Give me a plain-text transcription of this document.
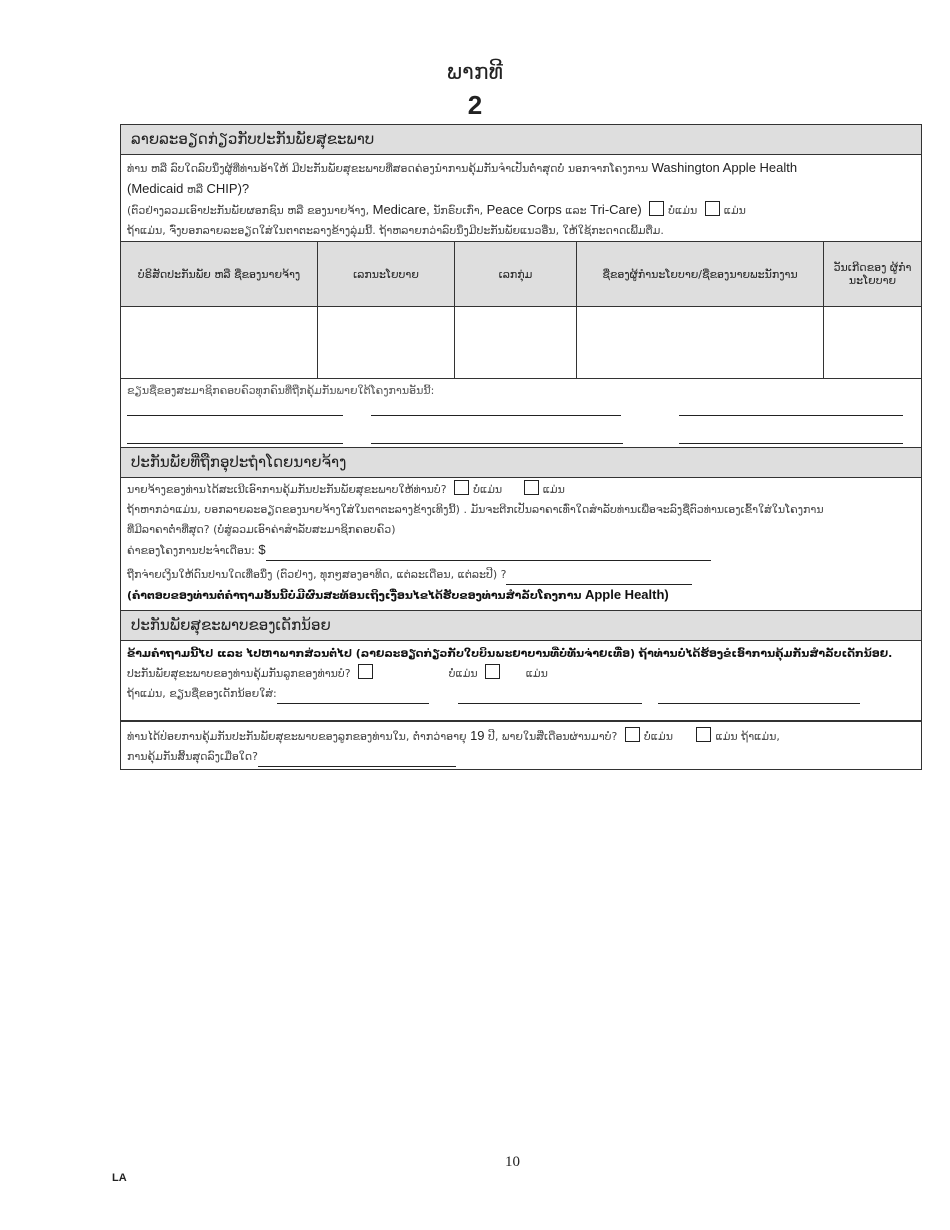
ພາກທີ
2
ລາຍລະອຽດກ່ຽວກັບປະກັນພັຍສຸຂະພາບ
ທ່ານ ຫລື ລົບໃດລົບນຶ່ງຜູ້ທີ່ທ່ານອ້າໃຫ້ ມີປະກັນພັຍສຸຂະພາບທີ່ສອດຄ່ອງນຳການຄຸ້ມກັນຈຳເປັນຕ່ຳສຸດບໍ່ ນອກຈາກໂຄງການ Washington Apple Health
(Medicaid ຫລື CHIP)?
(ຕົວຢ່າງລວມເອົາປະກັນພັຍຜອກຊົນ ຫລື ຂອງນາຍຈ້າງ, Medicare, ນັກຣົບເກົ່າ, Peace Corps ແລະ Tri-Care) ບໍ່ແມ່ນ ແມ່ນ
ຖ້າແມ່ນ, ຈົ່ງບອກລາຍລະອຽດໃສ່ໃນຕາຕະລາງຂ້າງລຸ່ມນີ້. ຖ້າຫລາຍກວ່າລົບນຶ່ງມີປະກັນພັຍແນວອື່ນ, ໃຫ້ໃຊ້ກະດາດເພີ້ມຕື່ມ.
ບໍຣິສັດປະກັນພັຍ ຫລື ຊື່ຂອງນາຍຈ້າງ	ເລກນະໂຍບາຍ	ເລກກຸ່ມ	ຊື່ຂອງຜູ້ກຳນະໂຍບາຍ/ຊື່ຂອງນາຍພະນັກງານ	ວັນເກີດຂອງ ຜູ້ກຳນະໂຍບາຍ

ຂຽນຊື່ຂອງສະມາຊິກຄອບຄົວທຸກຄົນທີ່ຖືກຄຸ້ມກັນພາຍໃຕ້ໂຄງການອັນນີ້:
ປະກັນພັຍທີ່ຖືກອຸປະຖຳໂດຍນາຍຈ້າງ
ນາຍຈ້າງຂອງທ່ານໄດ້ສະເນີເອົາການຄຸ້ມກັນປະກັນພັຍສຸຂະພາບໃຫ້ທ່ານບໍ? ບໍ່ແມ່ນ	ແມ່ນ
ຖ້າຫາກວ່າແມ່ນ, ບອກລາຍລະອຽດຂອງນາຍຈ້າງໃສ່ໃນຕາຕະລາງຂ້າງເທິງນີ້) . ມັນຈະຕີກເປັນລາຄາເທົ່າໃດສຳລັບທ່ານເພື່ອຈະລົງຊື່ຕົວທ່ານເອງເຂົ້າໃສ່ໃນໂຄງການ
ທີ່ມີລາຄາຕ່ຳທີ່ສຸດ? (ບໍ່ສູ່ລວມເອົາຄ່າສຳລັບສະມາຊິກຄອບຄົວ)
ຄ່າຂອງໂຄງການປະຈຳເດືອນ: $

ຖືກຈ່າຍເງິນໃຫ້ດົນປານໃດເທື່ອນຶ່ງ (ຕົວຢ່າງ, ທຸກໆສອງອາທິດ, ແຕ່ລະເດືອນ, ແຕ່ລະປີ) ?
(ຄຳຕອບຂອງທ່ານຕໍ່ຄຳຖາມອັນນີ້ບໍ່ມີຜົນສະທ້ອນເຖິງເງື່ອນໄຂໄດ້ຮັບຂອງທ່ານສຳລັບໂຄງການ Apple Health)
ປະກັນພັຍສຸຂະພາບຂອງເດັກນ້ອຍ
ຂ້າມຄຳຖາມນີ້ໄປ ແລະ ໄປຫາພາກສ່ວນຕໍ່ໄປ (ລາຍລະອຽດກ່ຽວກັບໃບບິນພະຍາບານທີ່ບໍ່ທັນຈ່າຍເທື່ອ) ຖ້າທ່ານບໍ່ໄດ້ຮ້ອງຂໍເອົາການຄຸ້ມກັນສຳລັບເດັກນ້ອຍ.
ປະກັນພັຍສຸຂະພາບຂອງທ່ານຄຸ້ມກັນລູກຂອງທ່ານບໍ?	ບໍ່ແມ່ນ	ແມ່ນ
ຖ້າແມ່ນ, ຂຽນຊື່ຂອງເດັກນ້ອຍໃສ່:
ທ່ານໄດ້ປ່ອຍການຄຸ້ມກັນປະກັນພັຍສຸຂະພາບຂອງລູກຂອງທ່ານໃນ, ຕ່ຳກວ່າອາຍຸ 19 ປີ, ພາຍໃນສີ່ເດືອນຜ່ານມາບໍ? ບໍ່ແມ່ນ	ແມ່ນ ຖ້າແມ່ນ,
ການຄຸ້ມກັນສິ້ນສຸດລົງເມື່ອໃດ?
10
LA
